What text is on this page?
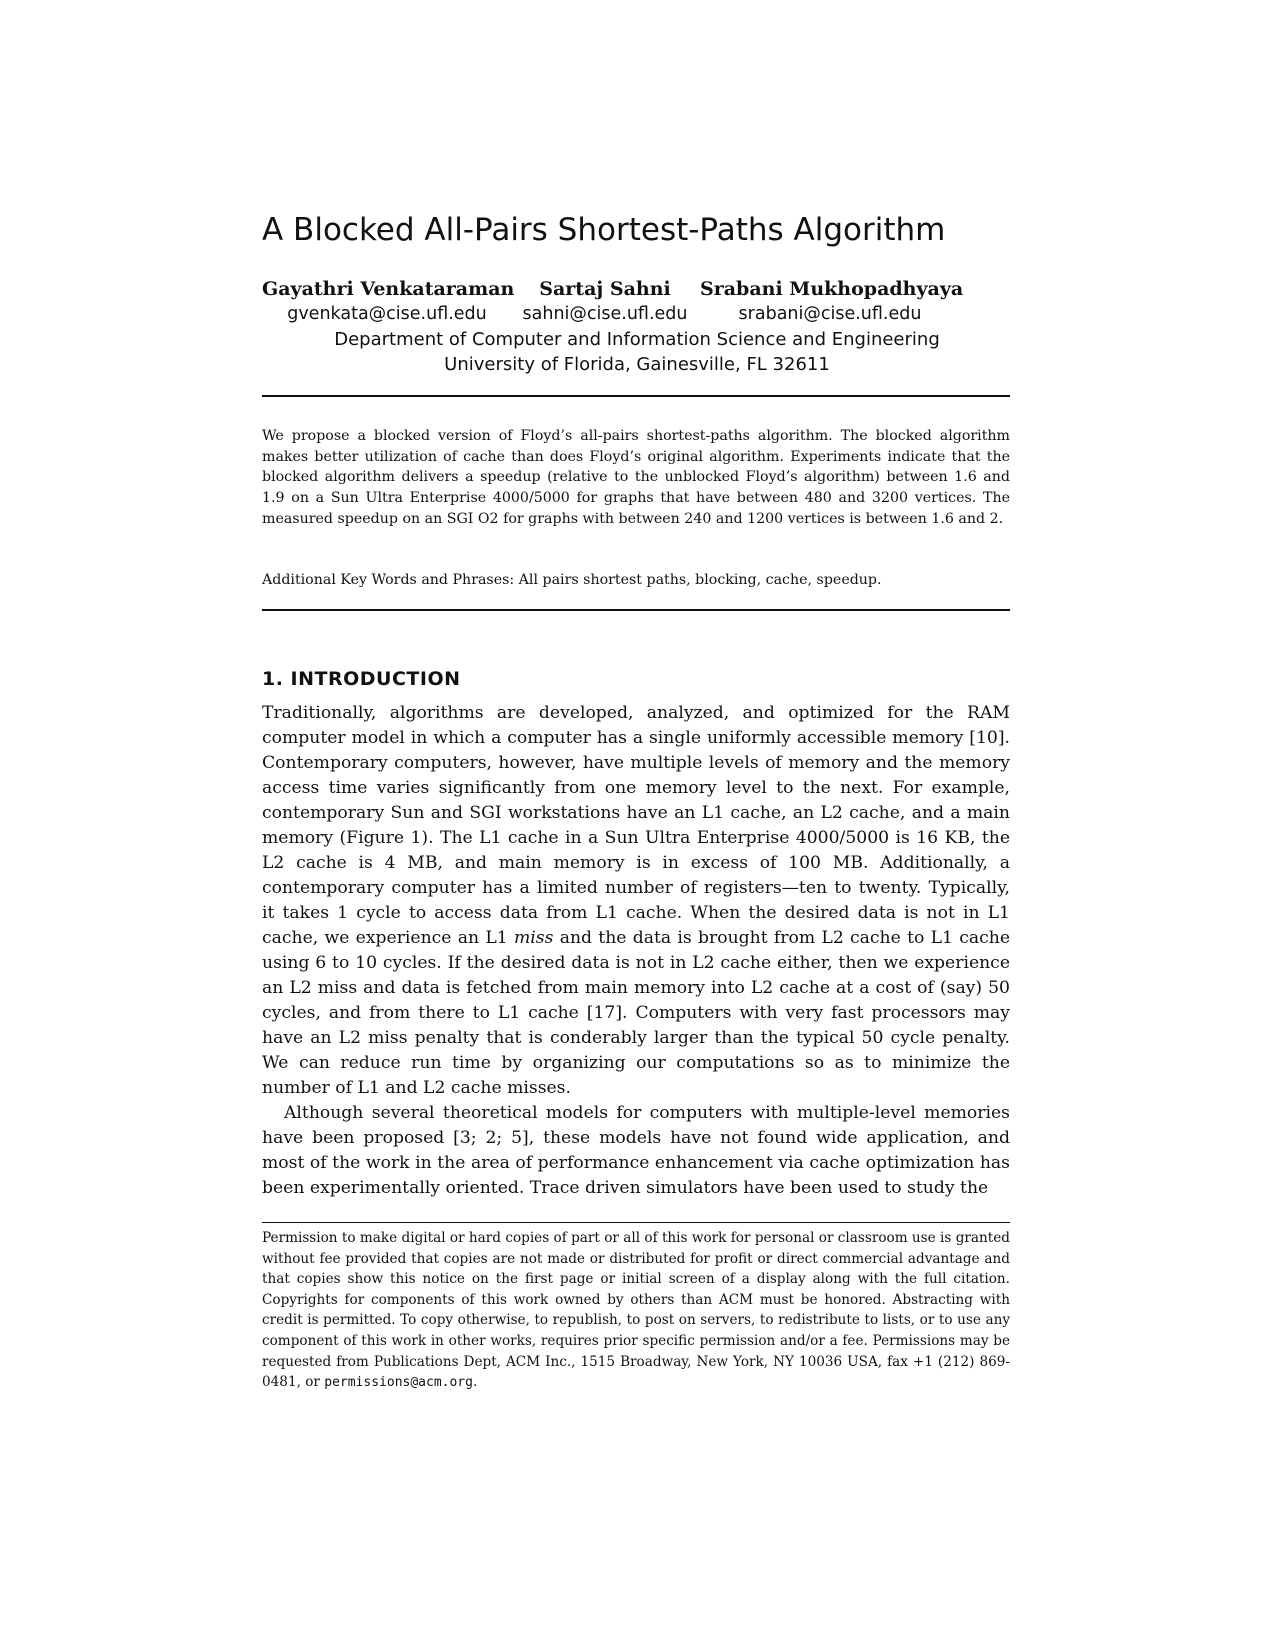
A Blocked All-Pairs Shortest-Paths Algorithm
Gayathri Venkataraman
gvenkata@cise.ufl.edu
Sartaj Sahni
sahni@cise.ufl.edu
Srabani Mukhopadhyaya
srabani@cise.ufl.edu
Department of Computer and Information Science and Engineering
University of Florida, Gainesville, FL 32611

We propose a blocked version of Floyd’s all-pairs shortest-paths algorithm. The blocked algorithm makes better utilization of cache than does Floyd’s original algorithm. Experiments indicate that the blocked algorithm delivers a speedup (relative to the unblocked Floyd’s algorithm) between 1.6 and 1.9 on a Sun Ultra Enterprise 4000/5000 for graphs that have between 480 and 3200 vertices. The measured speedup on an SGI O2 for graphs with between 240 and 1200 vertices is between 1.6 and 2.

Additional Key Words and Phrases: All pairs shortest paths, blocking, cache, speedup.

1. INTRODUCTION

Traditionally, algorithms are developed, analyzed, and optimized for the RAM computer model in which a computer has a single uniformly accessible memory [10]. Contemporary computers, however, have multiple levels of memory and the memory access time varies significantly from one memory level to the next. For example, contemporary Sun and SGI workstations have an L1 cache, an L2 cache, and a main memory (Figure 1). The L1 cache in a Sun Ultra Enterprise 4000/5000 is 16 KB, the L2 cache is 4 MB, and main memory is in excess of 100 MB. Additionally, a contemporary computer has a limited number of registers—ten to twenty. Typically, it takes 1 cycle to access data from L1 cache. When the desired data is not in L1 cache, we experience an L1 miss and the data is brought from L2 cache to L1 cache using 6 to 10 cycles. If the desired data is not in L2 cache either, then we experience an L2 miss and data is fetched from main memory into L2 cache at a cost of (say) 50 cycles, and from there to L1 cache [17]. Computers with very fast processors may have an L2 miss penalty that is conderably larger than the typical 50 cycle penalty. We can reduce run time by organizing our computations so as to minimize the number of L1 and L2 cache misses.

Although several theoretical models for computers with multiple-level memories have been proposed [3; 2; 5], these models have not found wide application, and most of the work in the area of performance enhancement via cache optimization has been experimentally oriented. Trace driven simulators have been used to study the

Permission to make digital or hard copies of part or all of this work for personal or classroom use is granted without fee provided that copies are not made or distributed for profit or direct commercial advantage and that copies show this notice on the first page or initial screen of a display along with the full citation. Copyrights for components of this work owned by others than ACM must be honored. Abstracting with credit is permitted. To copy otherwise, to republish, to post on servers, to redistribute to lists, or to use any component of this work in other works, requires prior specific permission and/or a fee. Permissions may be requested from Publications Dept, ACM Inc., 1515 Broadway, New York, NY 10036 USA, fax +1 (212) 869-0481, or permissions@acm.org.
